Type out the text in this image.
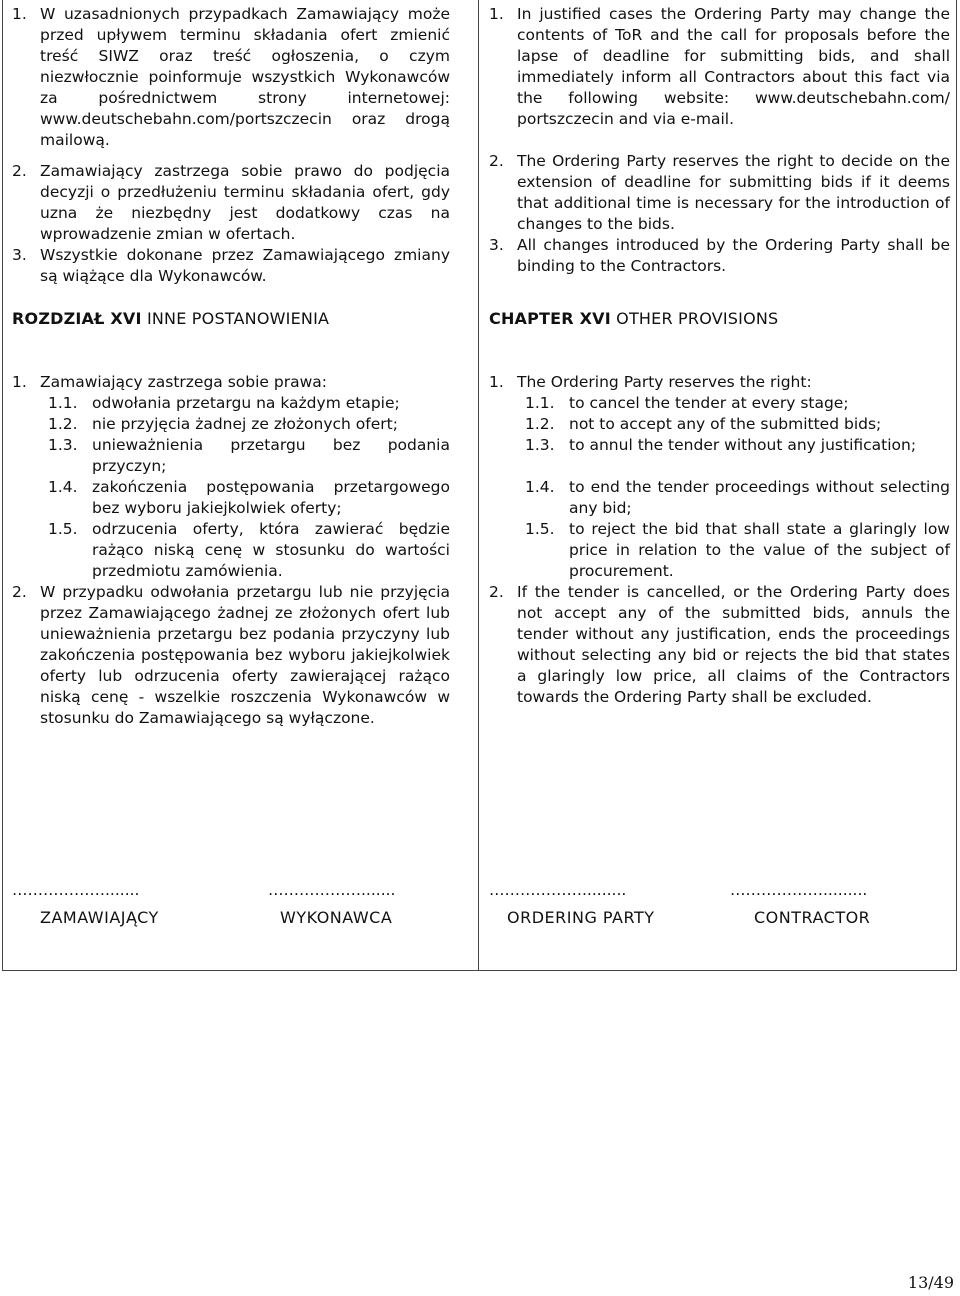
1. W uzasadnionych przypadkach Zamawiający może przed upływem terminu składania ofert zmienić treść SIWZ oraz treść ogłoszenia, o czym niezwłocznie poinformuje wszystkich Wykonawców za pośrednictwem strony internetowej: www.deutschebahn.com/portszczecin oraz drogą mailową.
2. Zamawiający zastrzega sobie prawo do podjęcia decyzji o przedłużeniu terminu składania ofert, gdy uzna że niezbędny jest dodatkowy czas na wprowadzenie zmian w ofertach.
3. Wszystkie dokonane przez Zamawiającego zmiany są wiążące dla Wykonawców.
ROZDZIAŁ XVI INNE POSTANOWIENIA
1. Zamawiający zastrzega sobie prawa:
1.1. odwołania przetargu na każdym etapie;
1.2. nie przyjęcia żadnej ze złożonych ofert;
1.3. unieważnienia przetargu bez podania przyczyn;
1.4. zakończenia postępowania przetargowego bez wyboru jakiejkolwiek oferty;
1.5. odrzucenia oferty, która zawierać będzie rażąco niską cenę w stosunku do wartości przedmiotu zamówienia.
2. W przypadku odwołania przetargu lub nie przyjęcia przez Zamawiającego żadnej ze złożonych ofert lub unieważnienia przetargu bez podania przyczyny lub zakończenia postępowania bez wyboru jakiejkolwiek oferty lub odrzucenia oferty zawierającej rażąco niską cenę - wszelkie roszczenia Wykonawców w stosunku do Zamawiającego są wyłączone.
1. In justified cases the Ordering Party may change the contents of ToR and the call for proposals before the lapse of deadline for submitting bids, and shall immediately inform all Contractors about this fact via the following website: www.deutschebahn.com/ portszczecin and via e-mail.
2. The Ordering Party reserves the right to decide on the extension of deadline for submitting bids if it deems that additional time is necessary for the introduction of changes to the bids.
3. All changes introduced by the Ordering Party shall be binding to the Contractors.
CHAPTER XVI OTHER PROVISIONS
1. The Ordering Party reserves the right:
1.1. to cancel the tender at every stage;
1.2. not to accept any of the submitted bids;
1.3. to annul the tender without any justification;
1.4. to end the tender proceedings without selecting any bid;
1.5. to reject the bid that shall state a glaringly low price in relation to the value of the subject of procurement.
2. If the tender is cancelled, or the Ordering Party does not accept any of the submitted bids, annuls the tender without any justification, ends the proceedings without selecting any bid or rejects the bid that states a glaringly low price, all claims of the Contractors towards the Ordering Party shall be excluded.
……………….......
ZAMAWIAJĄCY
……………….......
WYKONAWCA
……………….........
ORDERING PARTY
……………….........
CONTRACTOR
13/49
